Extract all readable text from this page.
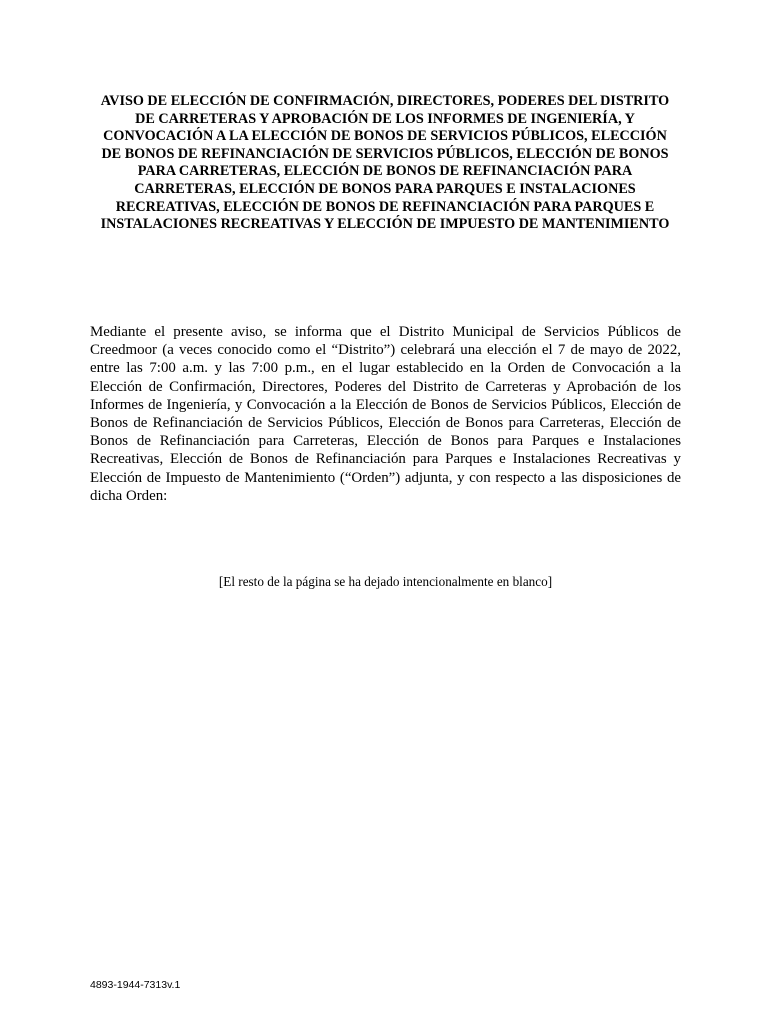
AVISO DE ELECCIÓN DE CONFIRMACIÓN, DIRECTORES, PODERES DEL DISTRITO DE CARRETERAS Y APROBACIÓN DE LOS INFORMES DE INGENIERÍA, Y CONVOCACIÓN A LA ELECCIÓN DE BONOS DE SERVICIOS PÚBLICOS, ELECCIÓN DE BONOS DE REFINANCIACIÓN DE SERVICIOS PÚBLICOS, ELECCIÓN DE BONOS PARA CARRETERAS, ELECCIÓN DE BONOS DE REFINANCIACIÓN PARA CARRETERAS, ELECCIÓN DE BONOS PARA PARQUES E INSTALACIONES RECREATIVAS, ELECCIÓN DE BONOS DE REFINANCIACIÓN PARA PARQUES E INSTALACIONES RECREATIVAS Y ELECCIÓN DE IMPUESTO DE MANTENIMIENTO

Mediante el presente aviso, se informa que el Distrito Municipal de Servicios Públicos de Creedmoor (a veces conocido como el “Distrito”) celebrará una elección el 7 de mayo de 2022, entre las 7:00 a.m. y las 7:00 p.m., en el lugar establecido en la Orden de Convocación a la Elección de Confirmación, Directores, Poderes del Distrito de Carreteras y Aprobación de los Informes de Ingeniería, y Convocación a la Elección de Bonos de Servicios Públicos, Elección de Bonos de Refinanciación de Servicios Públicos, Elección de Bonos para Carreteras, Elección de Bonos de Refinanciación para Carreteras, Elección de Bonos para Parques e Instalaciones Recreativas, Elección de Bonos de Refinanciación para Parques e Instalaciones Recreativas y Elección de Impuesto de Mantenimiento (“Orden”) adjunta, y con respecto a las disposiciones de dicha Orden:

[El resto de la página se ha dejado intencionalmente en blanco]

4893-1944-7313v.1
